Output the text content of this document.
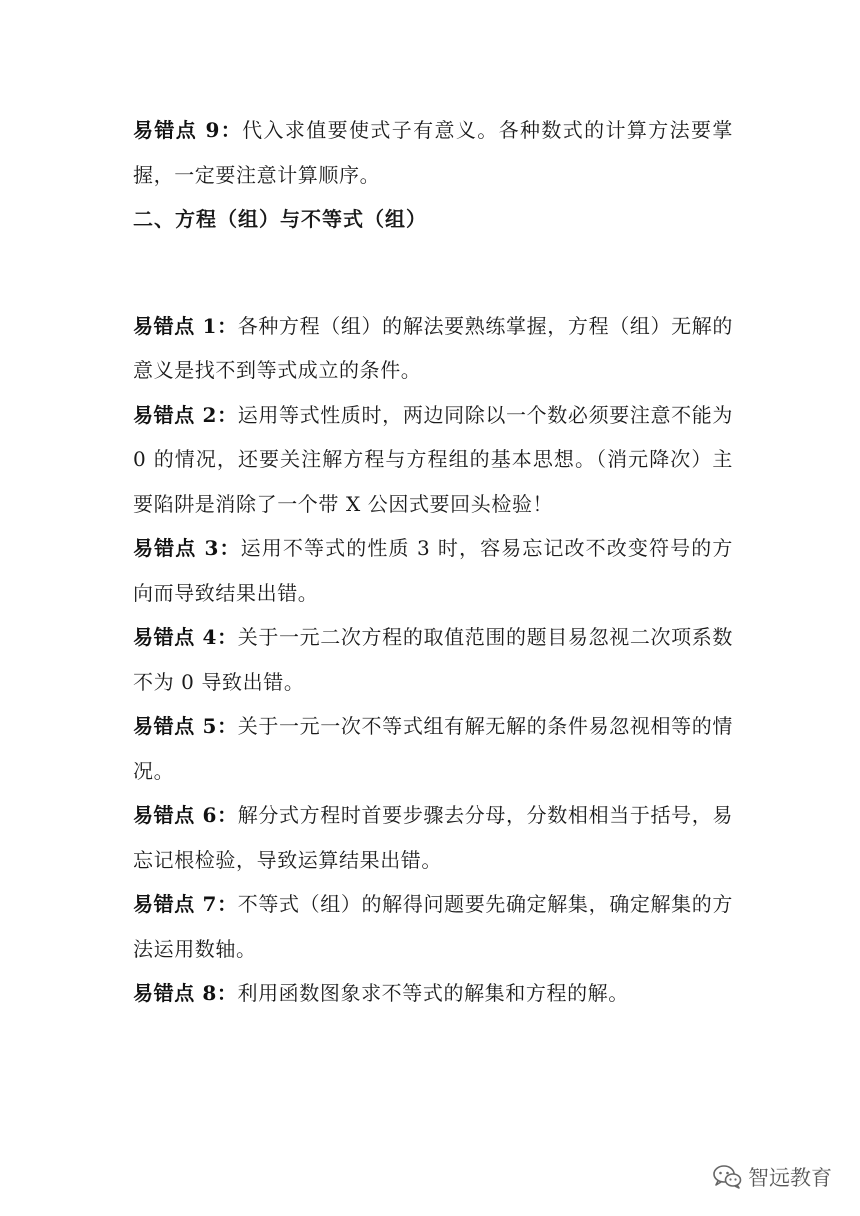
易错点 9：代入求值要使式子有意义。各种数式的计算方法要掌握，一定要注意计算顺序。

二、方程（组）与不等式（组）

易错点 1：各种方程（组）的解法要熟练掌握，方程（组）无解的意义是找不到等式成立的条件。

易错点 2：运用等式性质时，两边同除以一个数必须要注意不能为 0 的情况，还要关注解方程与方程组的基本思想。（消元降次）主要陷阱是消除了一个带 X 公因式要回头检验！

易错点 3：运用不等式的性质 3 时，容易忘记改不改变符号的方向而导致结果出错。

易错点 4：关于一元二次方程的取值范围的题目易忽视二次项系数不为 0 导致出错。

易错点 5：关于一元一次不等式组有解无解的条件易忽视相等的情况。

易错点 6：解分式方程时首要步骤去分母，分数相相当于括号，易忘记根检验，导致运算结果出错。

易错点 7：不等式（组）的解得问题要先确定解集，确定解集的方法运用数轴。

易错点 8：利用函数图象求不等式的解集和方程的解。

智远教育
